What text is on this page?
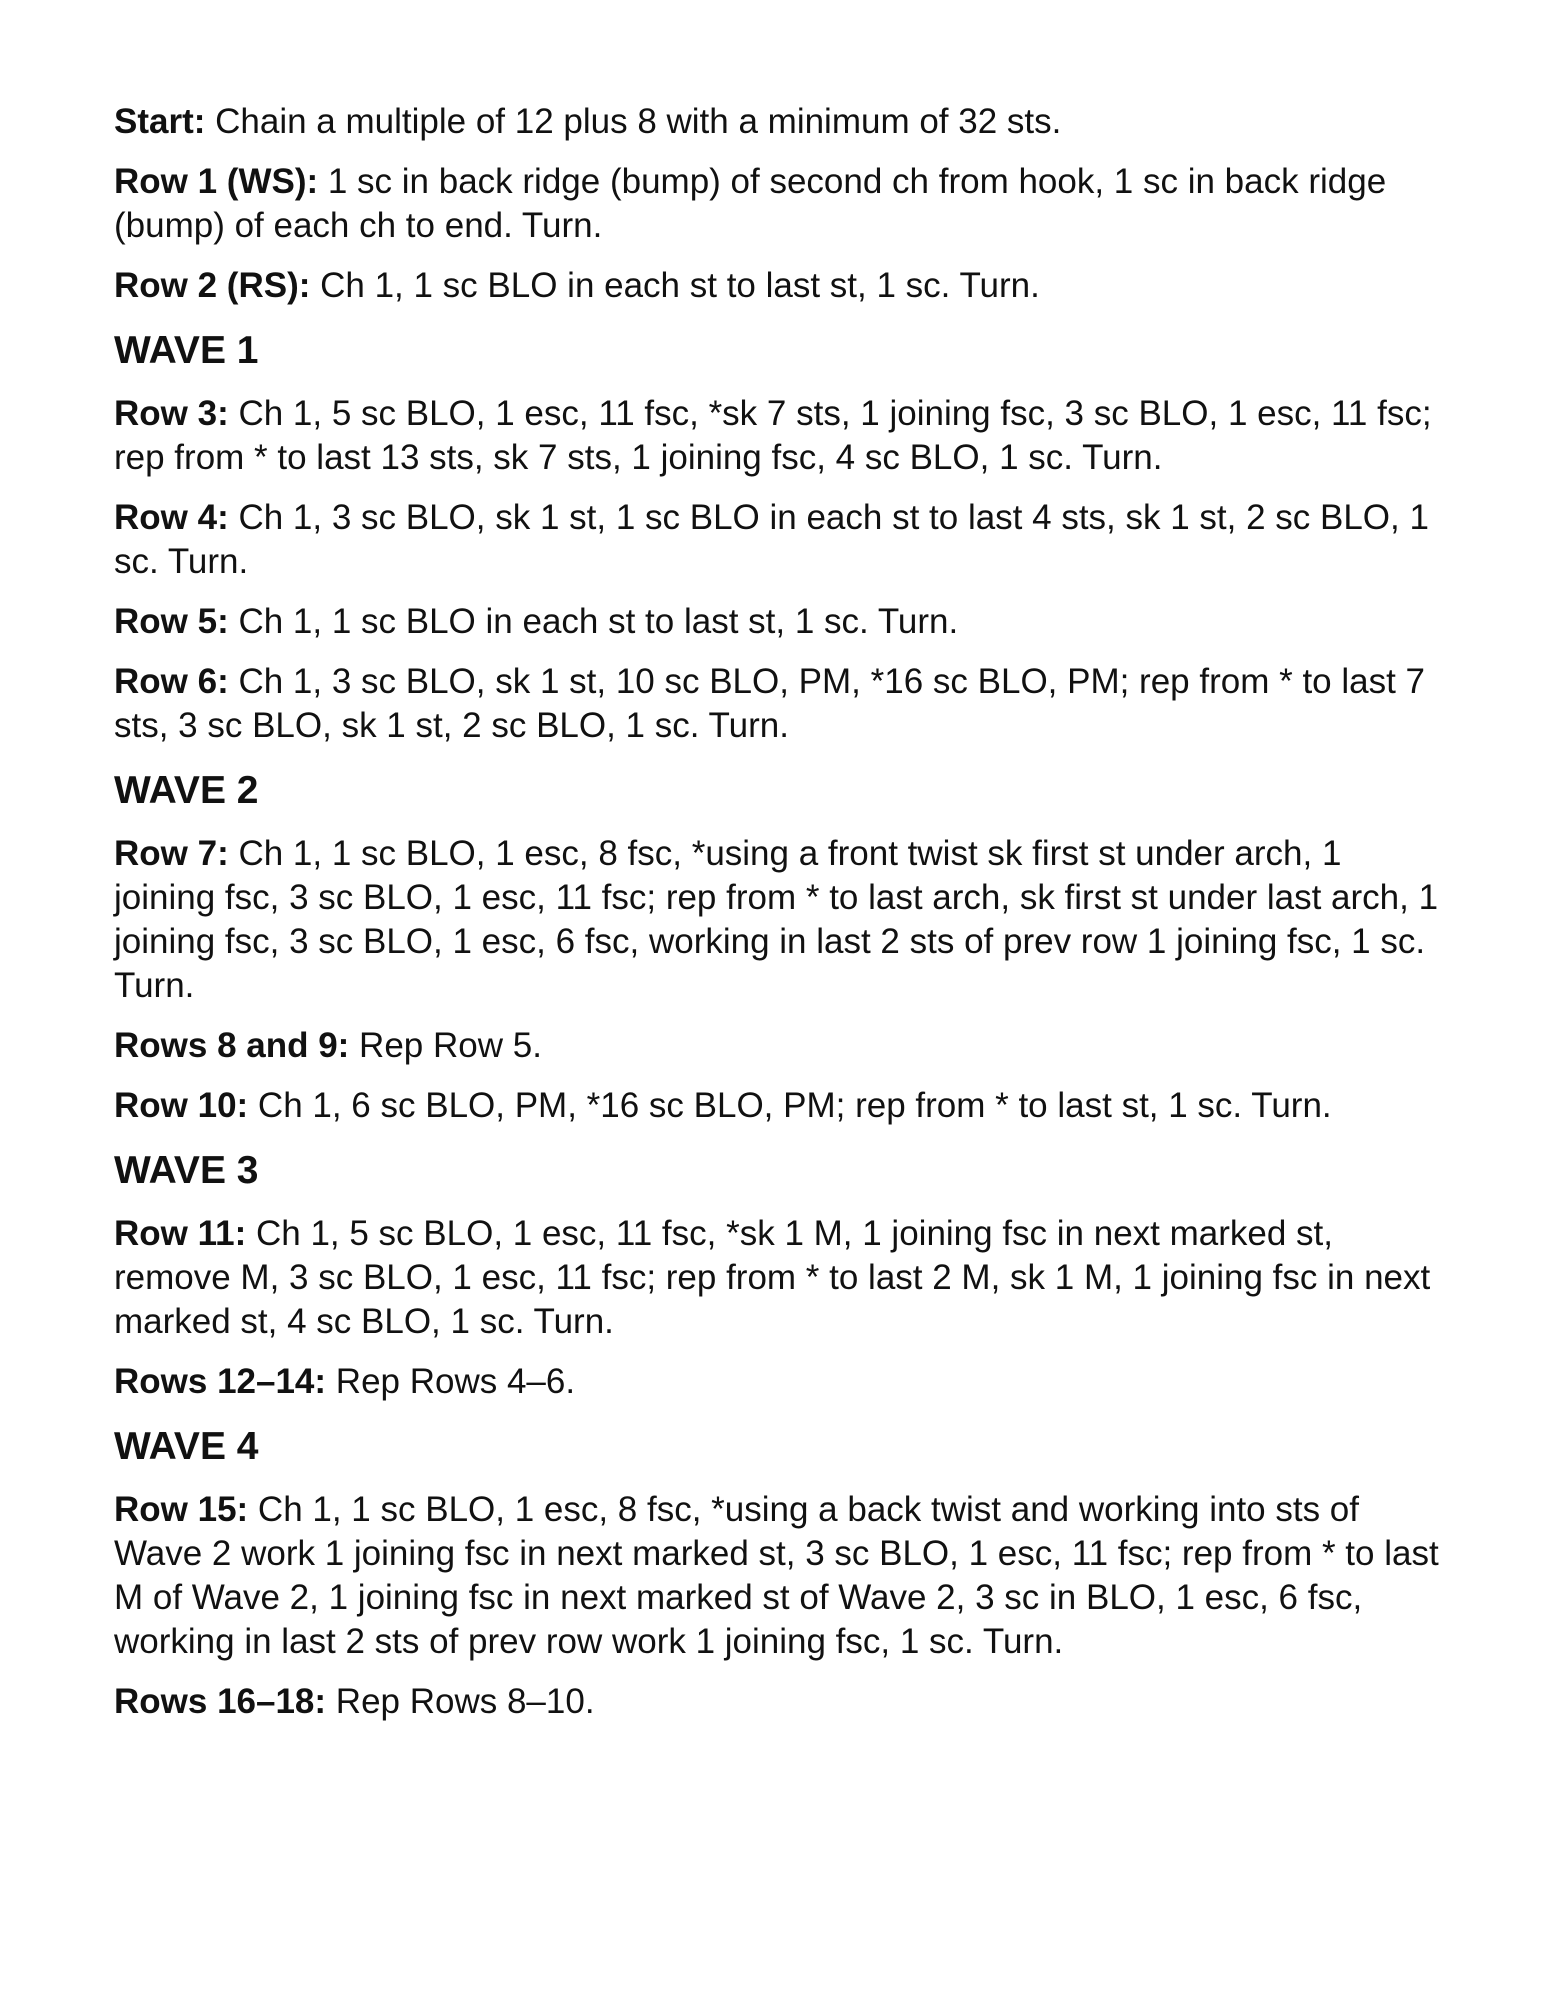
Start: Chain a multiple of 12 plus 8 with a minimum of 32 sts.

Row 1 (WS): 1 sc in back ridge (bump) of second ch from hook, 1 sc in back ridge (bump) of each ch to end. Turn.

Row 2 (RS): Ch 1, 1 sc BLO in each st to last st, 1 sc. Turn.

WAVE 1

Row 3: Ch 1, 5 sc BLO, 1 esc, 11 fsc, *sk 7 sts, 1 joining fsc, 3 sc BLO, 1 esc, 11 fsc; rep from * to last 13 sts, sk 7 sts, 1 joining fsc, 4 sc BLO, 1 sc. Turn.

Row 4: Ch 1, 3 sc BLO, sk 1 st, 1 sc BLO in each st to last 4 sts, sk 1 st, 2 sc BLO, 1 sc. Turn.

Row 5: Ch 1, 1 sc BLO in each st to last st, 1 sc. Turn.

Row 6: Ch 1, 3 sc BLO, sk 1 st, 10 sc BLO, PM, *16 sc BLO, PM; rep from * to last 7 sts, 3 sc BLO, sk 1 st, 2 sc BLO, 1 sc. Turn.

WAVE 2

Row 7: Ch 1, 1 sc BLO, 1 esc, 8 fsc, *using a front twist sk first st under arch, 1 joining fsc, 3 sc BLO, 1 esc, 11 fsc; rep from * to last arch, sk first st under last arch, 1 joining fsc, 3 sc BLO, 1 esc, 6 fsc, working in last 2 sts of prev row 1 joining fsc, 1 sc. Turn.

Rows 8 and 9: Rep Row 5.

Row 10: Ch 1, 6 sc BLO, PM, *16 sc BLO, PM; rep from * to last st, 1 sc. Turn.

WAVE 3

Row 11: Ch 1, 5 sc BLO, 1 esc, 11 fsc, *sk 1 M, 1 joining fsc in next marked st, remove M, 3 sc BLO, 1 esc, 11 fsc; rep from * to last 2 M, sk 1 M, 1 joining fsc in next marked st, 4 sc BLO, 1 sc. Turn.

Rows 12–14: Rep Rows 4–6.

WAVE 4

Row 15: Ch 1, 1 sc BLO, 1 esc, 8 fsc, *using a back twist and working into sts of Wave 2 work 1 joining fsc in next marked st, 3 sc BLO, 1 esc, 11 fsc; rep from * to last M of Wave 2, 1 joining fsc in next marked st of Wave 2, 3 sc in BLO, 1 esc, 6 fsc, working in last 2 sts of prev row work 1 joining fsc, 1 sc. Turn.

Rows 16–18: Rep Rows 8–10.
